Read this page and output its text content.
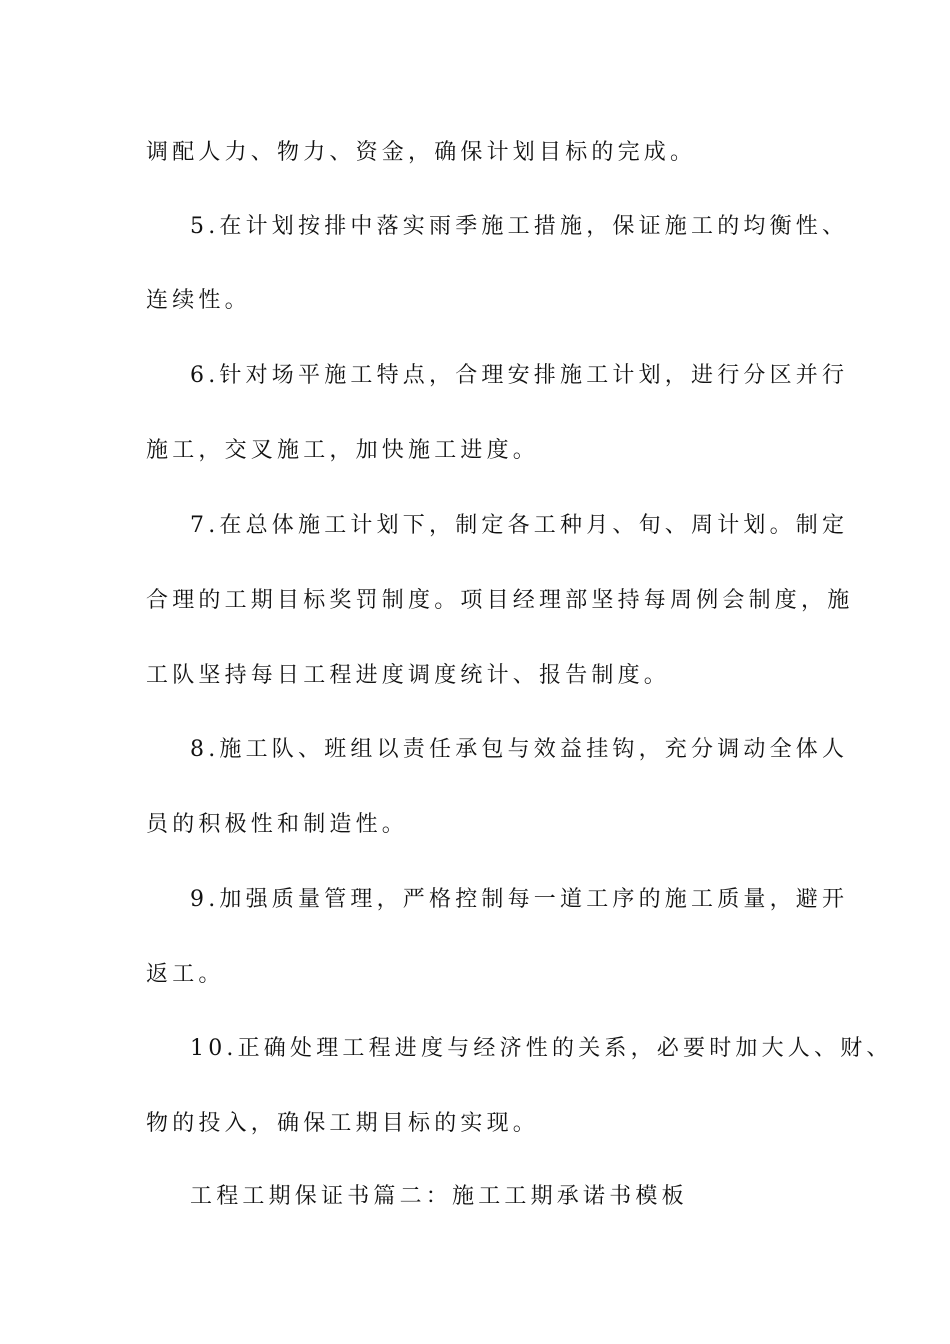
调配人力、物力、资金，确保计划目标的完成。
5.在计划按排中落实雨季施工措施，保证施工的均衡性、
连续性。
6.针对场平施工特点，合理安排施工计划，进行分区并行
施工，交叉施工，加快施工进度。
7.在总体施工计划下，制定各工种月、旬、周计划。制定
合理的工期目标奖罚制度。项目经理部坚持每周例会制度，施
工队坚持每日工程进度调度统计、报告制度。
8.施工队、班组以责任承包与效益挂钩，充分调动全体人
员的积极性和制造性。
9.加强质量管理，严格控制每一道工序的施工质量，避开
返工。
10.正确处理工程进度与经济性的关系，必要时加大人、财、
物的投入，确保工期目标的实现。
工程工期保证书篇二：施工工期承诺书模板
